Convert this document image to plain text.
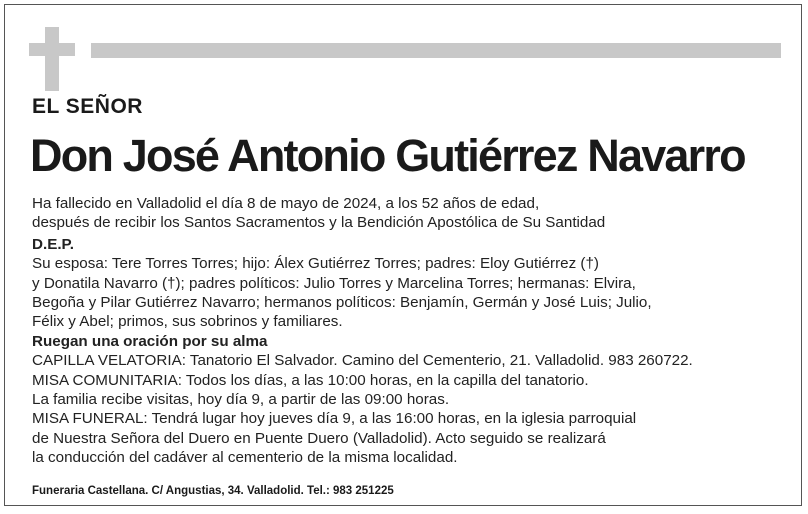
EL SEÑOR
Don José Antonio Gutiérrez Navarro

Ha fallecido en Valladolid el día 8 de mayo de 2024, a los 52 años de edad,

después de recibir los Santos Sacramentos y la Bendición Apostólica de Su Santidad

D.E.P.

Su esposa: Tere Torres Torres; hijo: Álex Gutiérrez Torres; padres: Eloy Gutiérrez (†)

y Donatila Navarro (†); padres políticos: Julio Torres y Marcelina Torres; hermanas: Elvira,

Begoña y Pilar Gutiérrez Navarro; hermanos políticos: Benjamín, Germán y José Luis; Julio,

Félix y Abel; primos, sus sobrinos y familiares.

Ruegan una oración por su alma

CAPILLA VELATORIA: Tanatorio El Salvador. Camino del Cementerio, 21. Valladolid. 983 260722.

MISA COMUNITARIA: Todos los días, a las 10:00 horas, en la capilla del tanatorio.

La familia recibe visitas, hoy día 9, a partir de las 09:00 horas.

MISA FUNERAL: Tendrá lugar hoy jueves día 9, a las 16:00 horas, en la iglesia parroquial

de Nuestra Señora del Duero en Puente Duero (Valladolid). Acto seguido se realizará

la conducción del cadáver al cementerio de la misma localidad.

Funeraria Castellana. C/ Angustias, 34. Valladolid. Tel.: 983 251225
